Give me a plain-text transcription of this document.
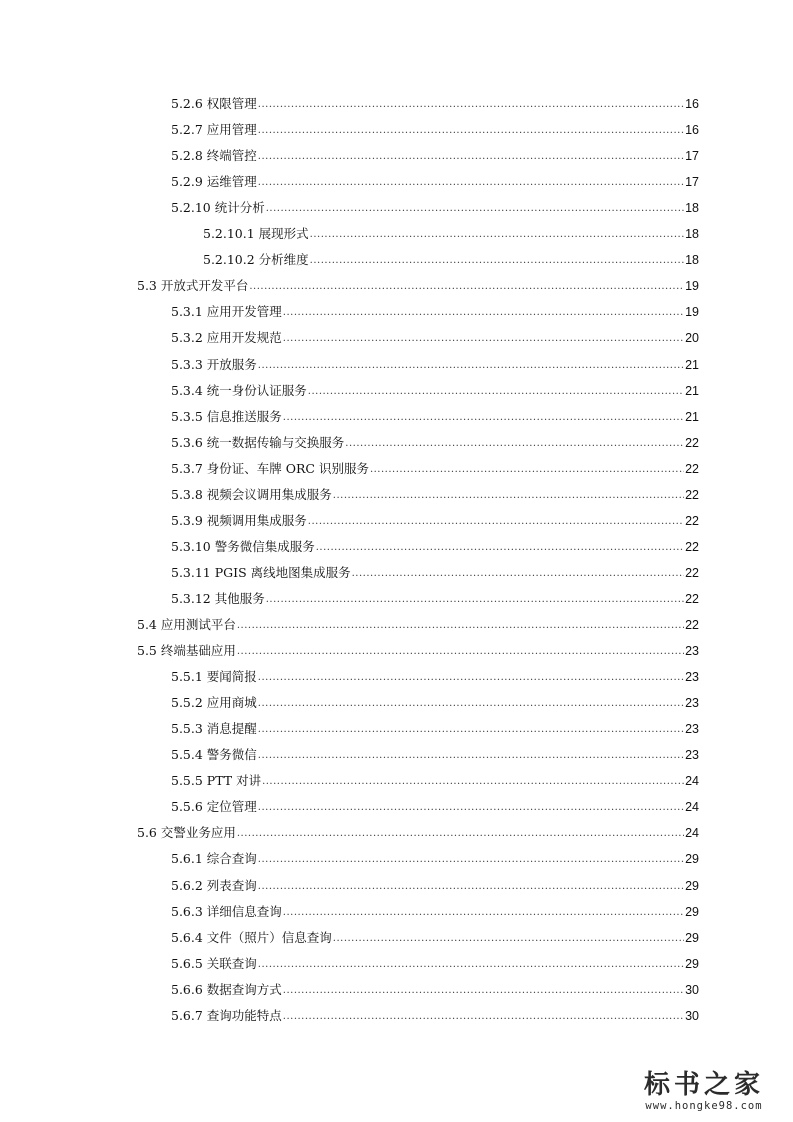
5.2.6 权限管理 .....	16
5.2.7 应用管理 .....	16
5.2.8 终端管控 .....	17
5.2.9 运维管理 .....	17
5.2.10 统计分析 .....	18
5.2.10.1 展现形式 .....	18
5.2.10.2 分析维度 .....	18
5.3 开放式开发平台 .....	19
5.3.1 应用开发管理 .....	19
5.3.2 应用开发规范 .....	20
5.3.3 开放服务 .....	21
5.3.4 统一身份认证服务 .....	21
5.3.5 信息推送服务 .....	21
5.3.6 统一数据传输与交换服务 .....	22
5.3.7 身份证、车牌 ORC 识别服务 .....	22
5.3.8 视频会议调用集成服务 .....	22
5.3.9 视频调用集成服务 .....	22
5.3.10 警务微信集成服务 .....	22
5.3.11 PGIS 离线地图集成服务 .....	22
5.3.12 其他服务 .....	22
5.4 应用测试平台 .....	22
5.5 终端基础应用 .....	23
5.5.1 要闻简报 .....	23
5.5.2 应用商城 .....	23
5.5.3 消息提醒 .....	23
5.5.4 警务微信 .....	23
5.5.5 PTT 对讲 .....	24
5.5.6 定位管理 .....	24
5.6 交警业务应用 .....	24
5.6.1 综合查询 .....	29
5.6.2 列表查询 .....	29
5.6.3 详细信息查询 .....	29
5.6.4 文件（照片）信息查询 .....	29
5.6.5 关联查询 .....	29
5.6.6 数据查询方式 .....	30
5.6.7 查询功能特点 .....	30
标书之家
www.hongke98.com
